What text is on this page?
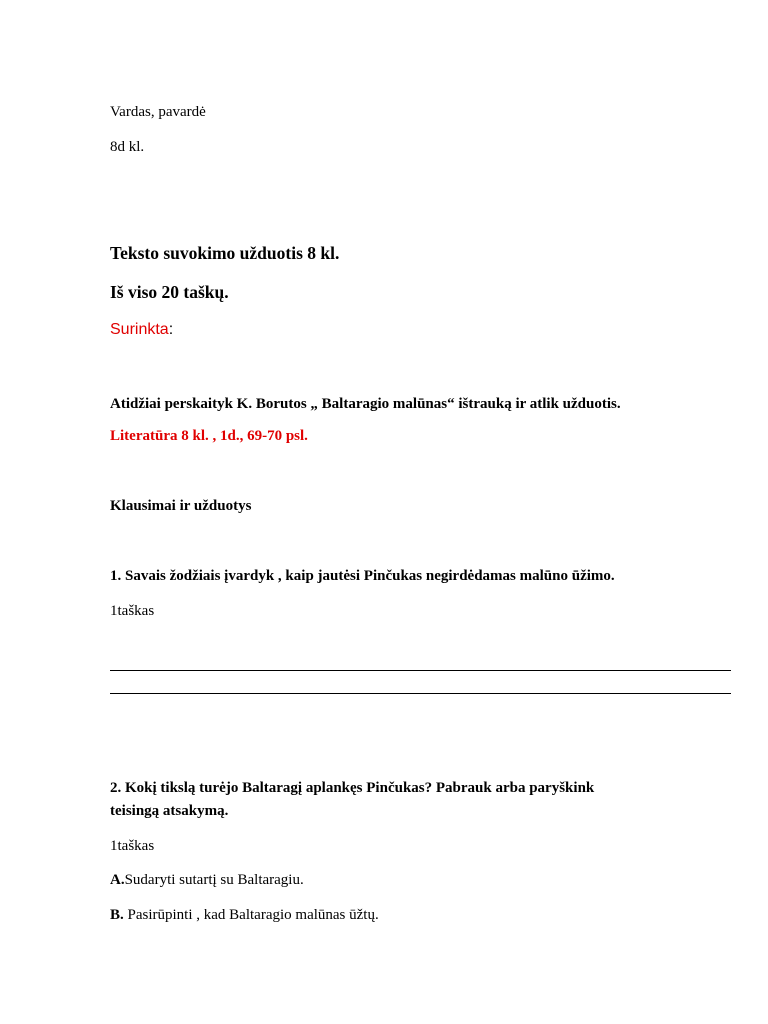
Vardas, pavardė
8d kl.
Teksto suvokimo užduotis 8 kl.
Iš viso 20 taškų.
Surinkta:
Atidžiai perskaityk K. Borutos „ Baltaragio malūnas“ ištrauką ir atlik užduotis.
Literatūra 8 kl. , 1d., 69-70 psl.
Klausimai ir užduotys
1. Savais žodžiais įvardyk , kaip jautėsi Pinčukas negirdėdamas malūno ūžimo.
1taškas
2. Kokį tikslą turėjo Baltaragį aplankęs Pinčukas? Pabrauk arba paryškink
teisingą atsakymą.
1taškas
A.Sudaryti sutartį su Baltaragiu.
B. Pasirūpinti , kad Baltaragio malūnas ūžtų.
